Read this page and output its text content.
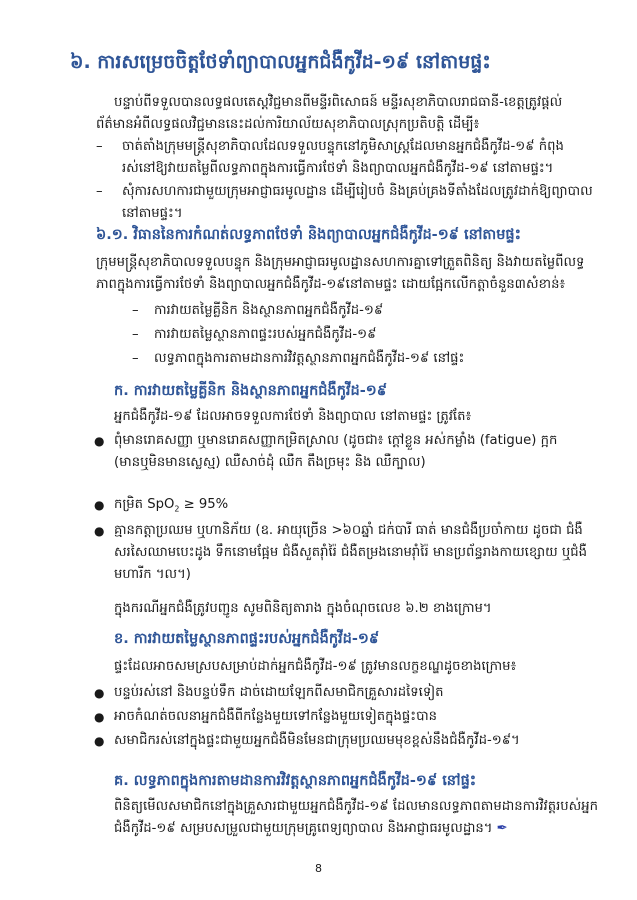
៦. ការសម្រេចចិត្តថែទាំព្យាបាលអ្នកជំងឺកូវីដ-១៩ នៅតាមផ្ទះ

បន្ទាប់ពីទទួលបានលទ្ធផលតេស្តវិជ្ជមានពីមន្ទីរពិសោធន៍ មន្ទីរសុខាភិបាលរាជធានី-ខេត្តត្រូវផ្ដល់ព័ត៌មានអំពីលទ្ធផលវិជ្ជមាននេះដល់ការិយាល័យសុខាភិបាលស្រុកប្រតិបត្តិ ដើម្បី៖

– ចាត់តាំងក្រុមមន្ត្រីសុខាភិបាលដែលទទួលបន្ទុកនៅភូមិសាស្ត្រដែលមានអ្នកជំងឺកូវីដ-១៩ កំពុងរស់នៅឱ្យវាយតម្លៃពីលទ្ធភាពក្នុងការធ្វើការថែទាំ និងព្យាបាលអ្នកជំងឺកូវីដ-១៩ នៅតាមផ្ទះ។
– សុំការសហការជាមួយក្រុមអាជ្ញាធរមូលដ្ឋាន ដើម្បីរៀបចំ និងគ្រប់គ្រងទីតាំងដែលត្រូវដាក់ឱ្យព្យាបាលនៅតាមផ្ទះ។
៦.១. វិធាននៃការកំណត់លទ្ធភាពថែទាំ និងព្យាបាលអ្នកជំងឺកូវីដ-១៩ នៅតាមផ្ទះ

ក្រុមមន្ត្រីសុខាភិបាលទទួលបន្ទុក និងក្រុមអាជ្ញាធរមូលដ្ឋានសហការគ្នាទៅត្រួតពិនិត្យ និងវាយតម្លៃពីលទ្ធភាពក្នុងការធ្វើការថែទាំ និងព្យាបាលអ្នកជំងឺកូវីដ-១៩នៅតាមផ្ទះ ដោយផ្អែកលើកត្តាចំនួន៣សំខាន់៖

– ការវាយតម្លៃគ្លីនិក និងស្ថានភាពអ្នកជំងឺកូវីដ-១៩
– ការវាយតម្លៃស្ថានភាពផ្ទះរបស់អ្នកជំងឺកូវីដ-១៩
– លទ្ធភាពក្នុងការតាមដានការវិវត្តស្ថានភាពអ្នកជំងឺកូវីដ-១៩ នៅផ្ទះ
ក. ការវាយតម្លៃគ្លីនិក និងស្ថានភាពអ្នកជំងឺកូវីដ-១៩

អ្នកជំងឺកូវីដ-១៩ ដែលអាចទទួលការថែទាំ និងព្យាបាល នៅតាមផ្ទះ ត្រូវតែ៖

● ពុំមានរោគសញ្ញា ឬមានរោគសញ្ញាកម្រិតស្រាល (ដូចជា៖ ក្ដៅខ្លួន អស់កម្លាំង (fatigue) ក្អក (មានឬមិនមានស្លេស្ម) ឈឺសាច់ដុំ ឈឺក តឹងច្រមុះ និង ឈឺក្បាល)
● កម្រិត SpO$_2$ ≥ 95%
● គ្មានកត្តាប្រឈម ឬហានិភ័យ (ឧ. អាយុច្រើន >៦០ឆ្នាំ ជក់បារី ធាត់ មានជំងឺប្រចាំកាយ ដូចជា ជំងឺសរសៃឈាមបេះដូង ទឹកនោមផ្អែម ជំងឺសួតរ៉ាំរ៉ៃ ជំងឺតម្រងនោមរ៉ាំរ៉ៃ មានប្រព័ន្ធរាងកាយខ្សោយ ឬជំងឺមហារីក ។ល។)

ក្នុងករណីអ្នកជំងឺត្រូវបញ្ជូន សូមពិនិត្យតារាង ក្នុងចំណុចលេខ ៦.២ ខាងក្រោម។

ខ. ការវាយតម្លៃស្ថានភាពផ្ទះរបស់អ្នកជំងឺកូវីដ-១៩

ផ្ទះដែលអាចសមស្របសម្រាប់ដាក់អ្នកជំងឺកូវីដ-១៩ ត្រូវមានលក្ខខណ្ឌដូចខាងក្រោម៖

● បន្ទប់រស់នៅ និងបន្ទប់ទឹក ដាច់ដោយឡែកពីសមាជិកគ្រួសារដទៃទៀត
● អាចកំណត់ចលនាអ្នកជំងឺពីកន្លែងមួយទៅកន្លែងមួយទៀតក្នុងផ្ទះបាន
● សមាជិករស់នៅក្នុងផ្ទះជាមួយអ្នកជំងឺមិនមែនជាក្រុមប្រឈមមុខខ្ពស់នឹងជំងឺកូវីដ-១៩។
គ. លទ្ធភាពក្នុងការតាមដានការវិវត្តស្ថានភាពអ្នកជំងឺកូវីដ-១៩ នៅផ្ទះ

ពិនិត្យមើលសមាជិកនៅក្នុងគ្រួសារជាមួយអ្នកជំងឺកូវីដ-១៩ ដែលមានលទ្ធភាពតាមដានការវិវត្តរបស់អ្នកជំងឺកូវីដ-១៩ សម្របសម្រួលជាមួយក្រុមគ្រូពេទ្យព្យាបាល និងអាជ្ញាធរមូលដ្ឋាន។ ✒

8
